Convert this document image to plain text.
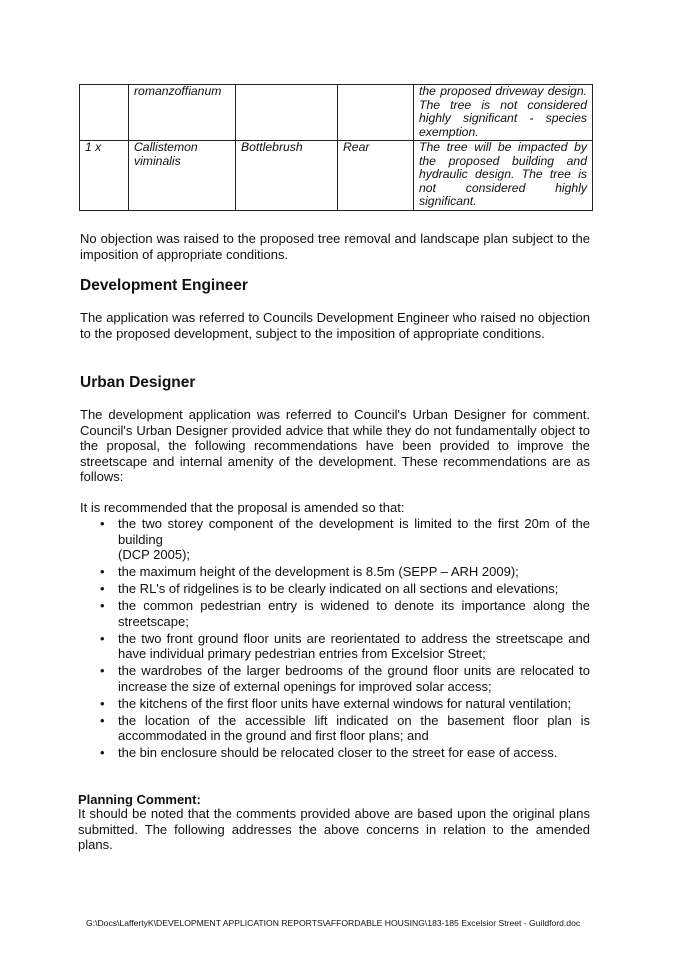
	romanzoffianum			the proposed driveway design. The tree is not considered highly significant - species exemption.
1 x	Callistemon viminalis	Bottlebrush	Rear	The tree will be impacted by the proposed building and hydraulic design. The tree is not considered highly significant.

No objection was raised to the proposed tree removal and landscape plan subject to the imposition of appropriate conditions.

Development Engineer

The application was referred to Councils Development Engineer who raised no objection to the proposed development, subject to the imposition of appropriate conditions.

Urban Designer

The development application was referred to Council's Urban Designer for comment. Council's Urban Designer provided advice that while they do not fundamentally object to the proposal, the following recommendations have been provided to improve the streetscape and internal amenity of the development. These recommendations are as follows:

It is recommended that the proposal is amended so that:

• the two storey component of the development is limited to the first 20m of the building
(DCP 2005);
• the maximum height of the development is 8.5m (SEPP – ARH 2009);
• the RL's of ridgelines is to be clearly indicated on all sections and elevations;
• the common pedestrian entry is widened to denote its importance along the streetscape;
• the two front ground floor units are reorientated to address the streetscape and have individual primary pedestrian entries from Excelsior Street;
• the wardrobes of the larger bedrooms of the ground floor units are relocated to increase the size of external openings for improved solar access;
• the kitchens of the first floor units have external windows for natural ventilation;
• the location of the accessible lift indicated on the basement floor plan is accommodated in the ground and first floor plans; and
• the bin enclosure should be relocated closer to the street for ease of access.
Planning Comment:

It should be noted that the comments provided above are based upon the original plans submitted. The following addresses the above concerns in relation to the amended plans.

G:\Docs\LaffertyK\DEVELOPMENT APPLICATION REPORTS\AFFORDABLE HOUSING\183-185 Excelsior Street - Guildford.doc
